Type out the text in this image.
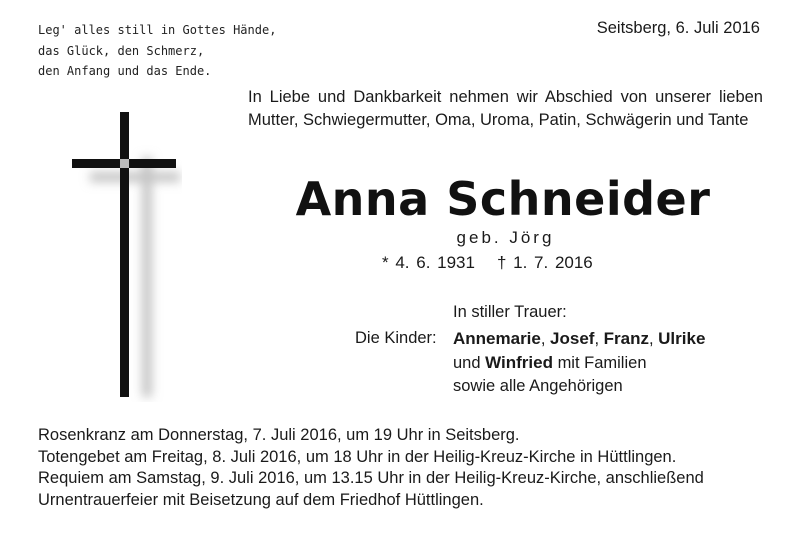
Leg' alles still in Gottes Hände,
das Glück, den Schmerz,
den Anfang und das Ende.
Seitsberg, 6. Juli 2016
In Liebe und Dankbarkeit nehmen wir Abschied von unserer lieben Mutter, Schwiegermutter, Oma, Uroma, Patin, Schwägerin und Tante
Anna Schneider
geb. Jörg
* 4. 6. 1931 † 1. 7. 2016
In stiller Trauer:
Die Kinder: Annemarie, Josef, Franz, Ulrike
und Winfried mit Familien
sowie alle Angehörigen
Rosenkranz am Donnerstag, 7. Juli 2016, um 19 Uhr in Seitsberg.
Totengebet am Freitag, 8. Juli 2016, um 18 Uhr in der Heilig-Kreuz-Kirche in Hüttlingen.
Requiem am Samstag, 9. Juli 2016, um 13.15 Uhr in der Heilig-Kreuz-Kirche, anschließend
Urnentrauerfeier mit Beisetzung auf dem Friedhof Hüttlingen.
